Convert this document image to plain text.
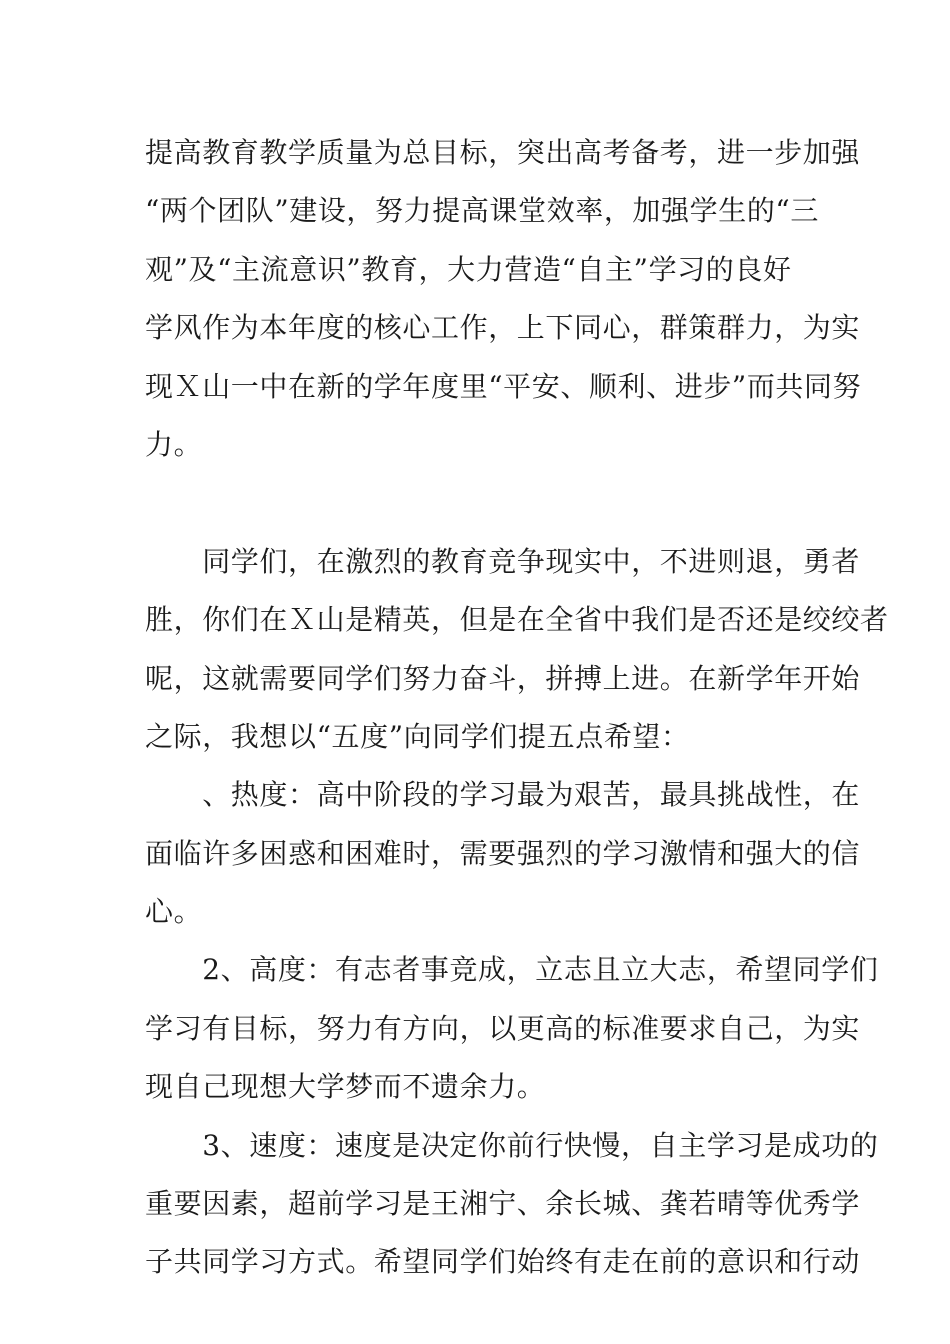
提高教育教学质量为总目标，突出高考备考，进一步加强
“两个团队”建设，努力提高课堂效率，加强学生的“三
观”及“主流意识”教育，大力营造“自主”学习的良好
学风作为本年度的核心工作，上下同心，群策群力，为实
现Ｘ山一中在新的学年度里“平安、顺利、进步”而共同努
力。
　　同学们，在激烈的教育竞争现实中，不进则退，勇者
胜，你们在Ｘ山是精英，但是在全省中我们是否还是绞绞者
呢，这就需要同学们努力奋斗，拼搏上进。在新学年开始
之际，我想以“五度”向同学们提五点希望：
　　、热度：高中阶段的学习最为艰苦，最具挑战性，在
面临许多困惑和困难时，需要强烈的学习激情和强大的信
心。
　　2、高度：有志者事竞成，立志且立大志，希望同学们
学习有目标，努力有方向，以更高的标准要求自己，为实
现自己现想大学梦而不遗余力。
　　3、速度：速度是决定你前行快慢，自主学习是成功的
重要因素，超前学习是王湘宁、余长城、龚若晴等优秀学
子共同学习方式。希望同学们始终有走在前的意识和行动
